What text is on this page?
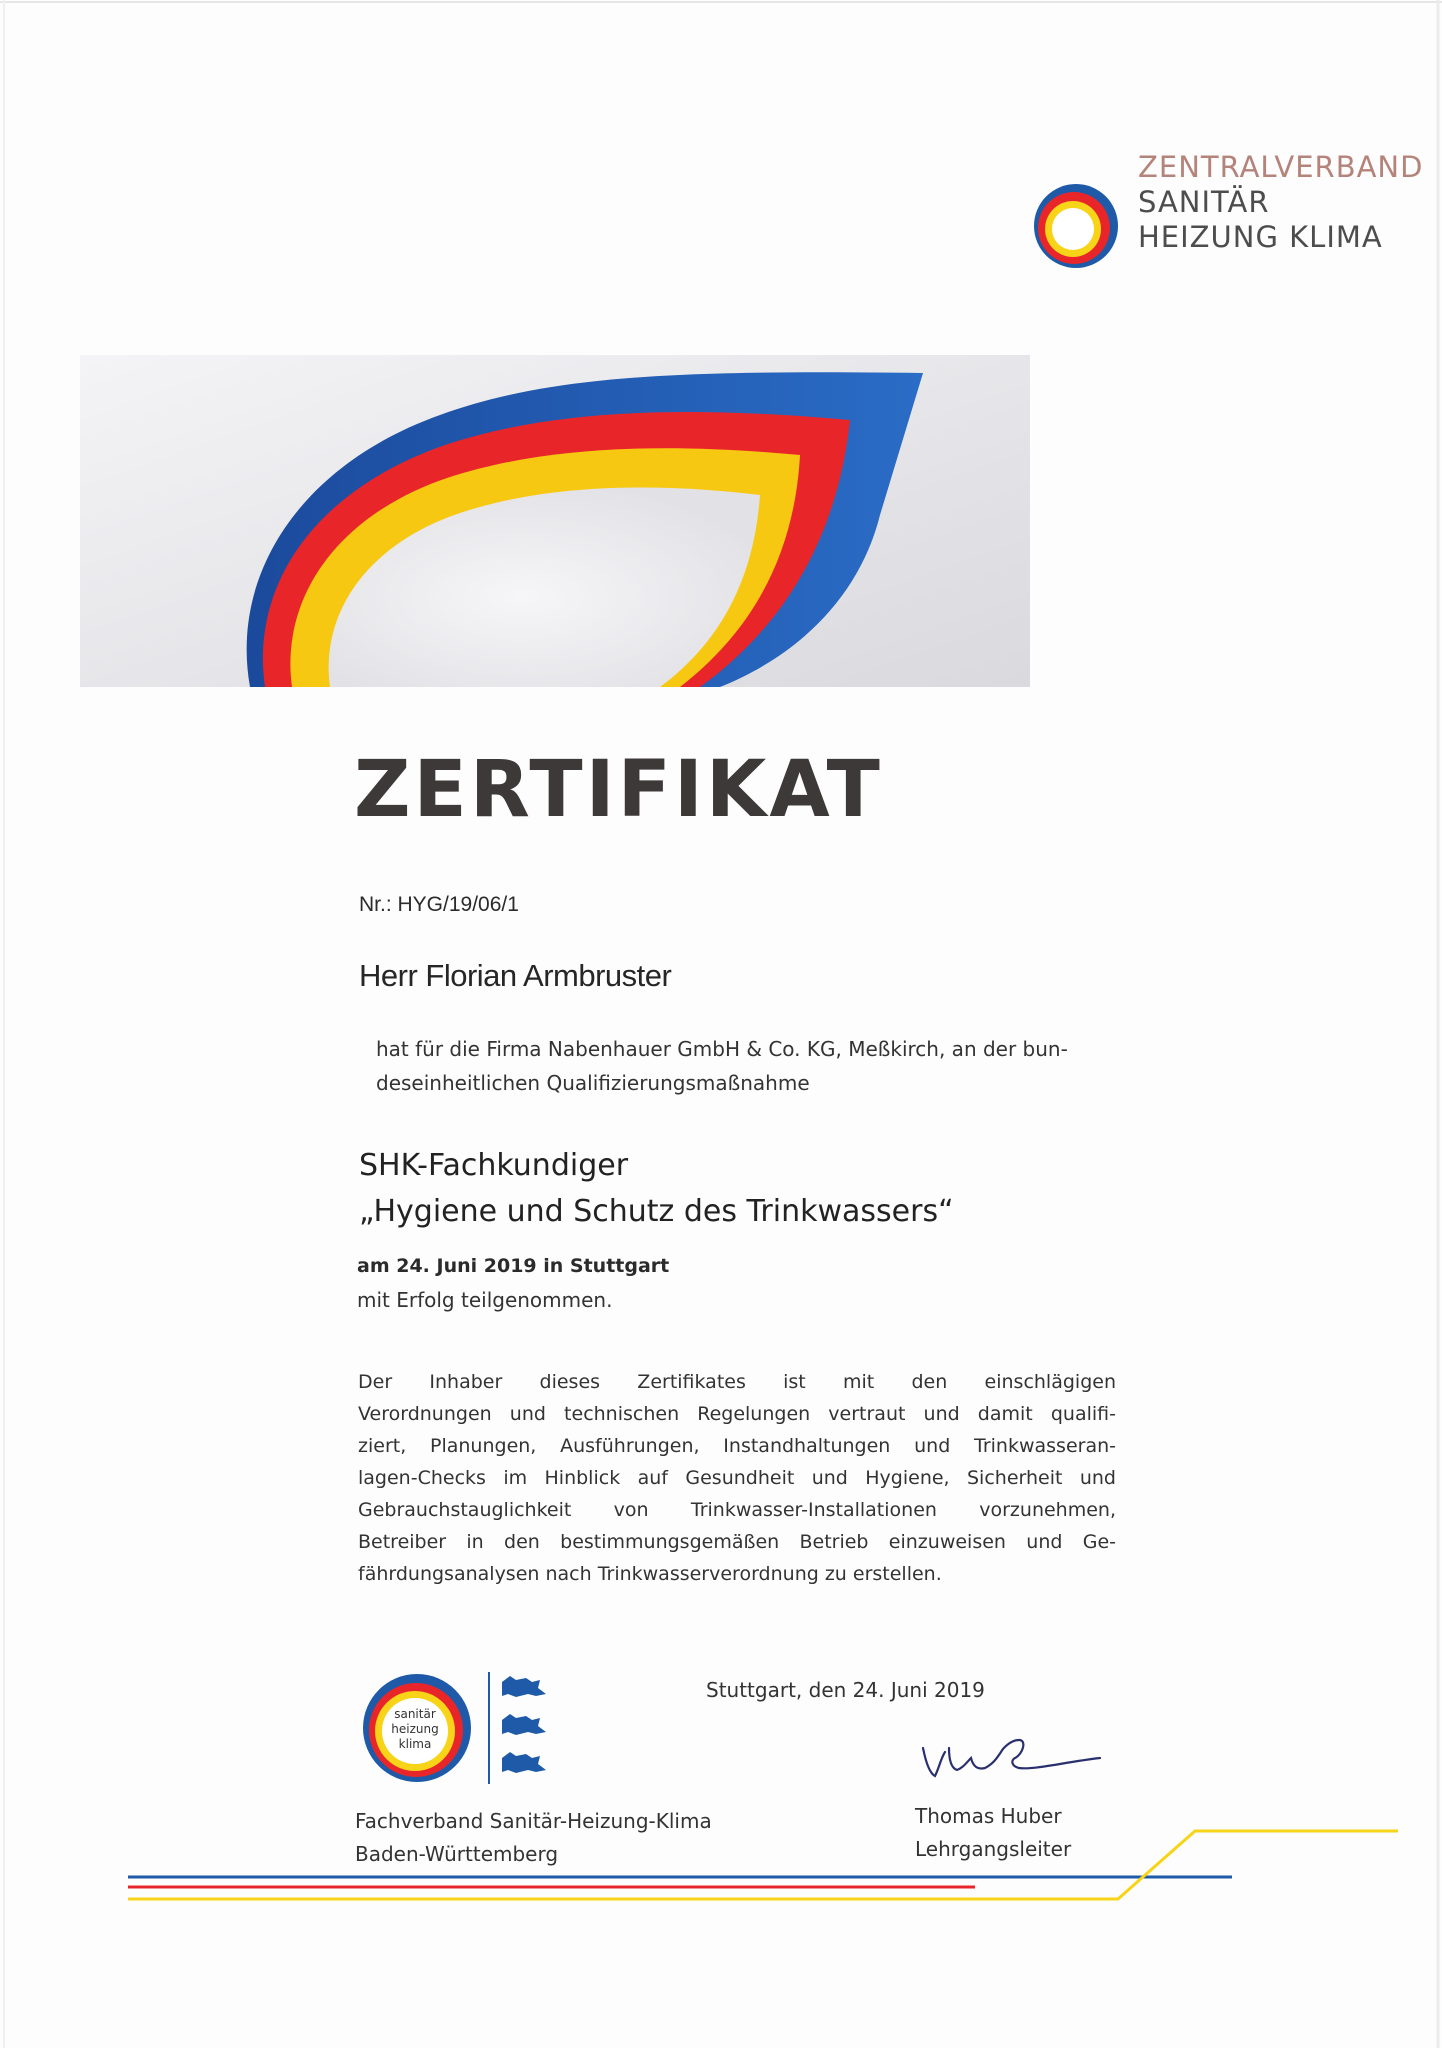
ZENTRALVERBAND
SANITÄR
HEIZUNG KLIMA
ZERTIFIKAT
Nr.: HYG/19/06/1
Herr Florian Armbruster
hat für die Firma Nabenhauer GmbH & Co. KG, Meßkirch, an der bun-
deseinheitlichen Qualifizierungsmaßnahme
SHK-Fachkundiger
„Hygiene und Schutz des Trinkwassers“
am 24. Juni 2019 in Stuttgart
mit Erfolg teilgenommen.
Der Inhaber dieses Zertifikates ist mit den einschlägigen
Verordnungen und technischen Regelungen vertraut und damit qualifi-
ziert, Planungen, Ausführungen, Instandhaltungen und Trinkwasseran-
lagen-Checks im Hinblick auf Gesundheit und Hygiene, Sicherheit und
Gebrauchstauglichkeit von Trinkwasser-Installationen vorzunehmen,
Betreiber in den bestimmungsgemäßen Betrieb einzuweisen und Ge-
fährdungsanalysen nach Trinkwasserverordnung zu erstellen.
sanitär
heizung
klima
Fachverband Sanitär-Heizung-Klima
Baden-Württemberg
Stuttgart, den 24. Juni 2019
Thomas Huber
Lehrgangsleiter
